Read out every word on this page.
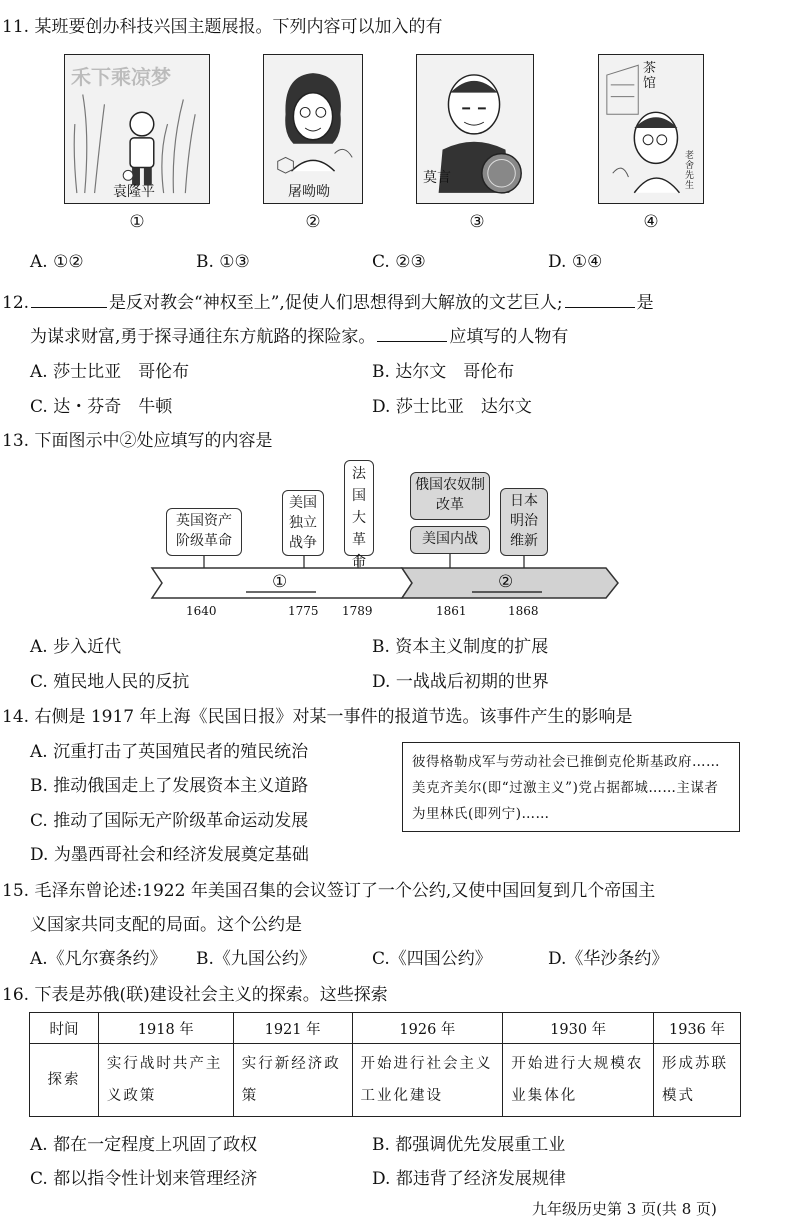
11. 某班要创办科技兴国主题展报。下列内容可以加入的有
禾下乘凉梦
袁隆平
①
屠呦呦
②
莫言
③
茶馆
老舍先生
④
A. ①②	B. ①③	C. ②③	D. ①④
12.	是反对教会“神权至上”,促使人们思想得到大解放的文艺巨人;	是
为谋求财富,勇于探寻通往东方航路的探险家。	应填写的人物有
A. 莎士比亚　哥伦布	B. 达尔文　哥伦布
C. 达・芬奇　牛顿	D. 莎士比亚　达尔文
13. 下面图示中②处应填写的内容是
①	②
英国资产阶级革命
美国独立战争
法国大革命
俄国农奴制改革
美国内战
日本明治维新
1640	1775 1789	1861	1868
A. 步入近代	B. 资本主义制度的扩展
C. 殖民地人民的反抗	D. 一战战后初期的世界
14. 右侧是 1917 年上海《民国日报》对某一事件的报道节选。该事件产生的影响是
A. 沉重打击了英国殖民者的殖民统治
B. 推动俄国走上了发展资本主义道路
C. 推动了国际无产阶级革命运动发展
D. 为墨西哥社会和经济发展奠定基础
彼得格勒戍军与劳动社会已推倒克伦斯基政府……美克齐美尔(即“过激主义”)党占据都城……主谋者为里林氏(即列宁)……
15. 毛泽东曾论述:1922 年美国召集的会议签订了一个公约,又使中国回复到几个帝国主
义国家共同支配的局面。这个公约是
A.《凡尔赛条约》 B.《九国公约》	C.《四国公约》	D.《华沙条约》
16. 下表是苏俄(联)建设社会主义的探索。这些探索
时间	1918 年	1921 年	1926 年	1930 年	1936 年
探索	实行战时共产主义政策	实行新经济政策	开始进行社会主义工业化建设	开始进行大规模农业集体化	形成苏联模式
A. 都在一定程度上巩固了政权	B. 都强调优先发展重工业
C. 都以指令性计划来管理经济	D. 都违背了经济发展规律
九年级历史第 3 页(共 8 页)
